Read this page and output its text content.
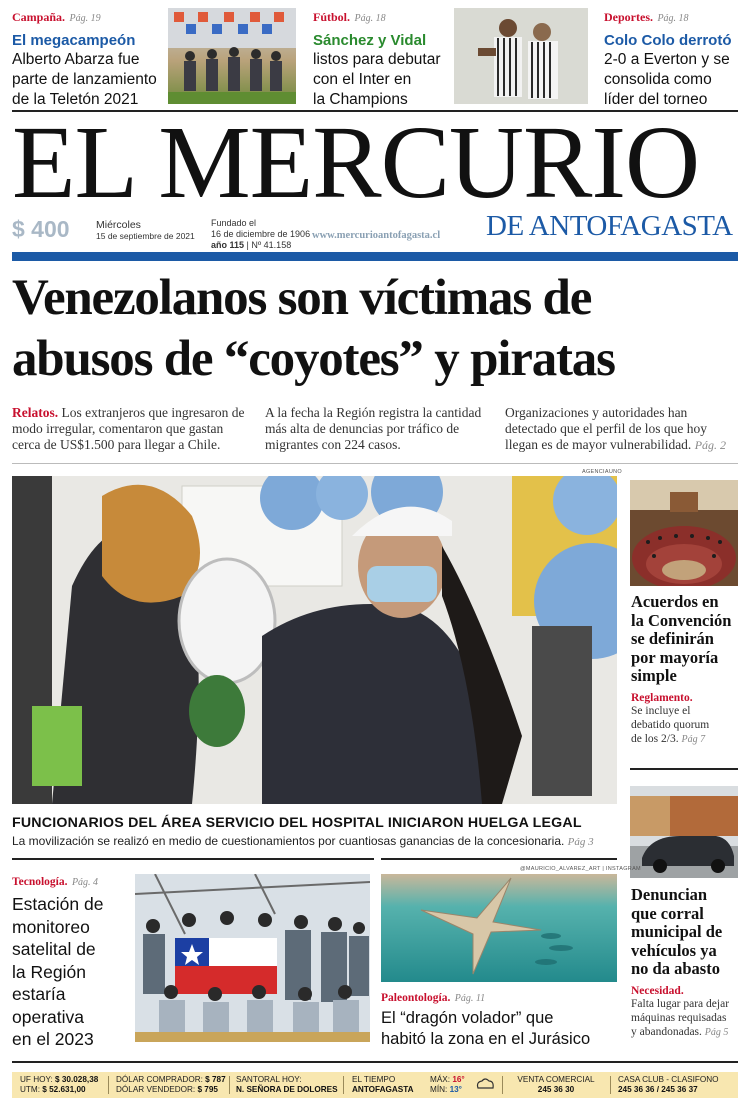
Campaña. Pág. 19
El megacampeón
Alberto Abarza fue
parte de lanzamiento
de la Teletón 2021
Fútbol. Pág. 18
Sánchez y Vidal
listos para debutar
con el Inter en
la Champions
Deportes. Pág. 18
Colo Colo derrotó
2-0 a Everton y se
consolida como
líder del torneo
EL MERCURIO
$ 400	Miércoles
15 de septiembre de 2021
Fundado el
16 de diciembre de 1906
año 115 | Nº 41.158
www.mercurioantofagasta.cl DE ANTOFAGASTA
Venezolanos son víctimas de
abusos de “coyotes” y piratas
Relatos. Los extranjeros que ingresaron de modo irregular, comentaron que gastan cerca de US$1.500 para llegar a Chile.
A la fecha la Región registra la cantidad más alta de denuncias por tráfico de migrantes con 224 casos.
Organizaciones y autoridades han detectado que el perfil de los que hoy llegan es de mayor vulnerabilidad. Pág. 2
AGENCIAUNO
FUNCIONARIOS DEL ÁREA SERVICIO DEL HOSPITAL INICIARON HUELGA LEGAL
La movilización se realizó en medio de cuestionamientos por cuantiosas ganancias de la concesionaria. Pág 3
Acuerdos en
la Convención
se definirán
por mayoría
simple
Reglamento.
Se incluye el
debatido quorum
de los 2/3. Pág 7
Denuncian
que corral
municipal de
vehículos ya
no da abasto
Necesidad.
Falta lugar para dejar
máquinas requisadas
y abandonadas. Pág 5
Tecnología. Pág. 4
Estación de
monitoreo
satelital de
la Región
estaría
operativa
en el 2023
@MAURICIO_ALVAREZ_ART | INSTAGRAM
Paleontología. Pág. 11
El “dragón volador” que
habitó la zona en el Jurásico
UF HOY: $ 30.028,38
UTM: $ 52.631,00
DÓLAR COMPRADOR: $ 787
DÓLAR VENDEDOR: $ 795
SANTORAL HOY:
N. SEÑORA DE DOLORES
EL TIEMPO
ANTOFAGASTA
MÁX: 16°
MÍN: 13°
VENTA COMERCIAL
245 36 30
CASA CLUB - CLASIFONO
245 36 36 / 245 36 37
